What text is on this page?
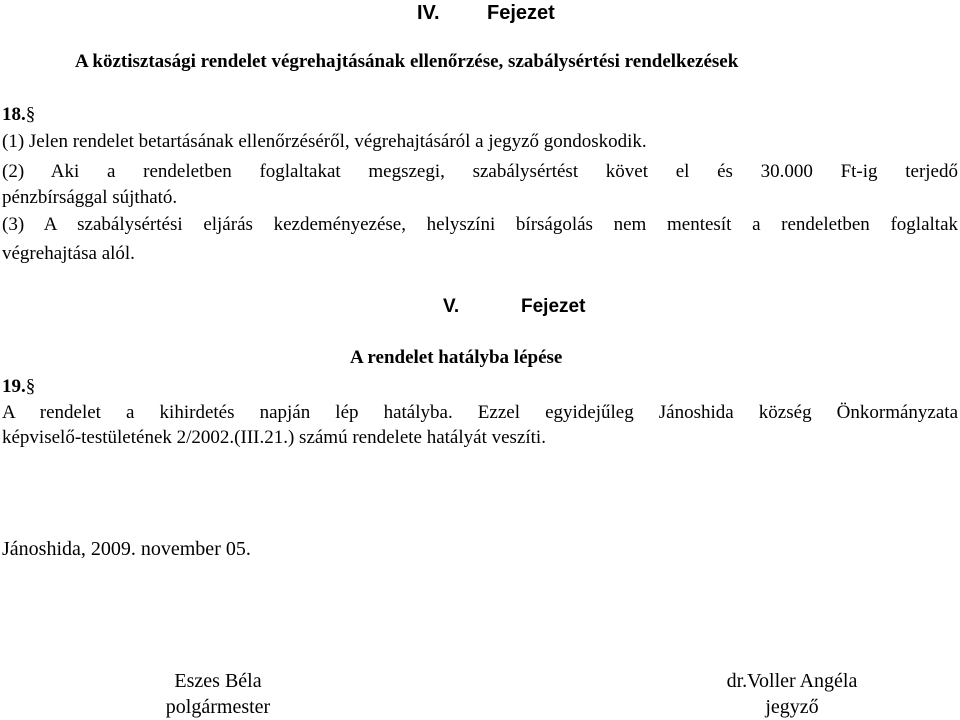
IV. Fejezet
A köztisztasági rendelet végrehajtásának ellenőrzése, szabálysértési rendelkezések
18.§
(1) Jelen rendelet betartásának ellenőrzéséről, végrehajtásáról a jegyző gondoskodik.
(2) Aki a rendeletben foglaltakat megszegi, szabálysértést követ el és 30.000 Ft-ig terjedő
pénzbírsággal sújtható.
(3) A szabálysértési eljárás kezdeményezése, helyszíni bírságolás nem mentesít a rendeletben foglaltak
végrehajtása alól.
V.	Fejezet
A rendelet hatályba lépése
19.§
A rendelet a kihirdetés napján lép hatályba. Ezzel egyidejűleg Jánoshida község Önkormányzata
képviselő-testületének 2/2002.(III.21.) számú rendelete hatályát veszíti.
Jánoshida, 2009. november 05.
Eszes Béla
polgármester
dr.Voller Angéla
jegyző
